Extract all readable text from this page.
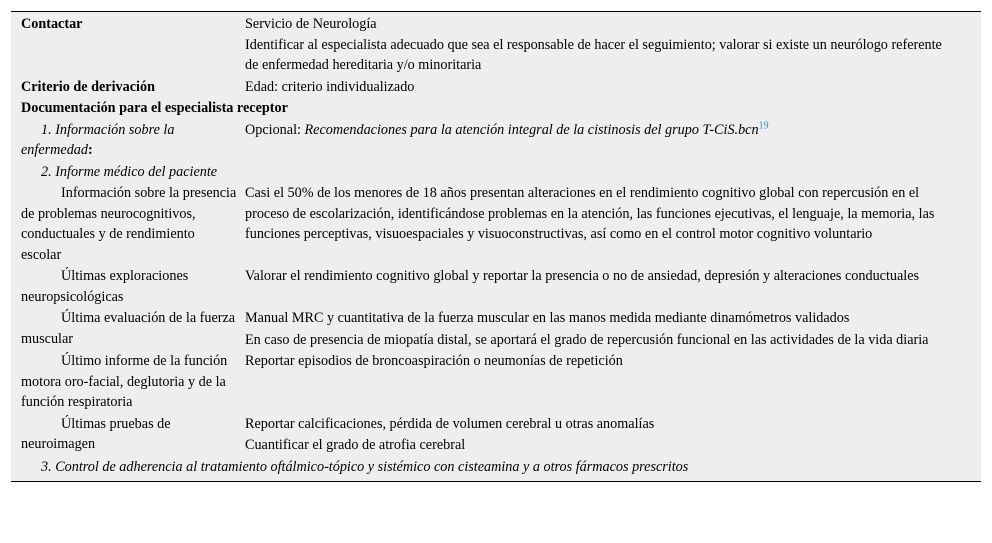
Contactar	Servicio de Neurología
	Identificar al especialista adecuado que sea el responsable de hacer el seguimiento; valorar si existe un neurólogo referente de enfermedad hereditaria y/o minoritaria
Criterio de derivación	Edad: criterio individualizado
Documentación para el especialista receptor	
1. Información sobre la enfermedad:	Opcional: Recomendaciones para la atención integral de la cistinosis del grupo T-CiS.bcn$^{19}$
2. Informe médico del paciente	
Información sobre la presencia de problemas neurocognitivos, conductuales y de rendimiento escolar	Casi el 50% de los menores de 18 años presentan alteraciones en el rendimiento cognitivo global con repercusión en el proceso de escolarización, identificándose problemas en la atención, las funciones ejecutivas, el lenguaje, la memoria, las funciones perceptivas, visuoespaciales y visuoconstructivas, así como en el control motor cognitivo voluntario
Últimas exploraciones neuropsicológicas	Valorar el rendimiento cognitivo global y reportar la presencia o no de ansiedad, depresión y alteraciones conductuales
Última evaluación de la fuerza muscular	Manual MRC y cuantitativa de la fuerza muscular en las manos medida mediante dinamómetros validados
	En caso de presencia de miopatía distal, se aportará el grado de repercusión funcional en las actividades de la vida diaria
Último informe de la función motora oro-facial, deglutoria y de la función respiratoria	Reportar episodios de broncoaspiración o neumonías de repetición
Últimas pruebas de neuroimagen	Reportar calcificaciones, pérdida de volumen cerebral u otras anomalías
	Cuantificar el grado de atrofia cerebral
3. Control de adherencia al tratamiento oftálmico-tópico y sistémico con cisteamina y a otros fármacos prescritos	
